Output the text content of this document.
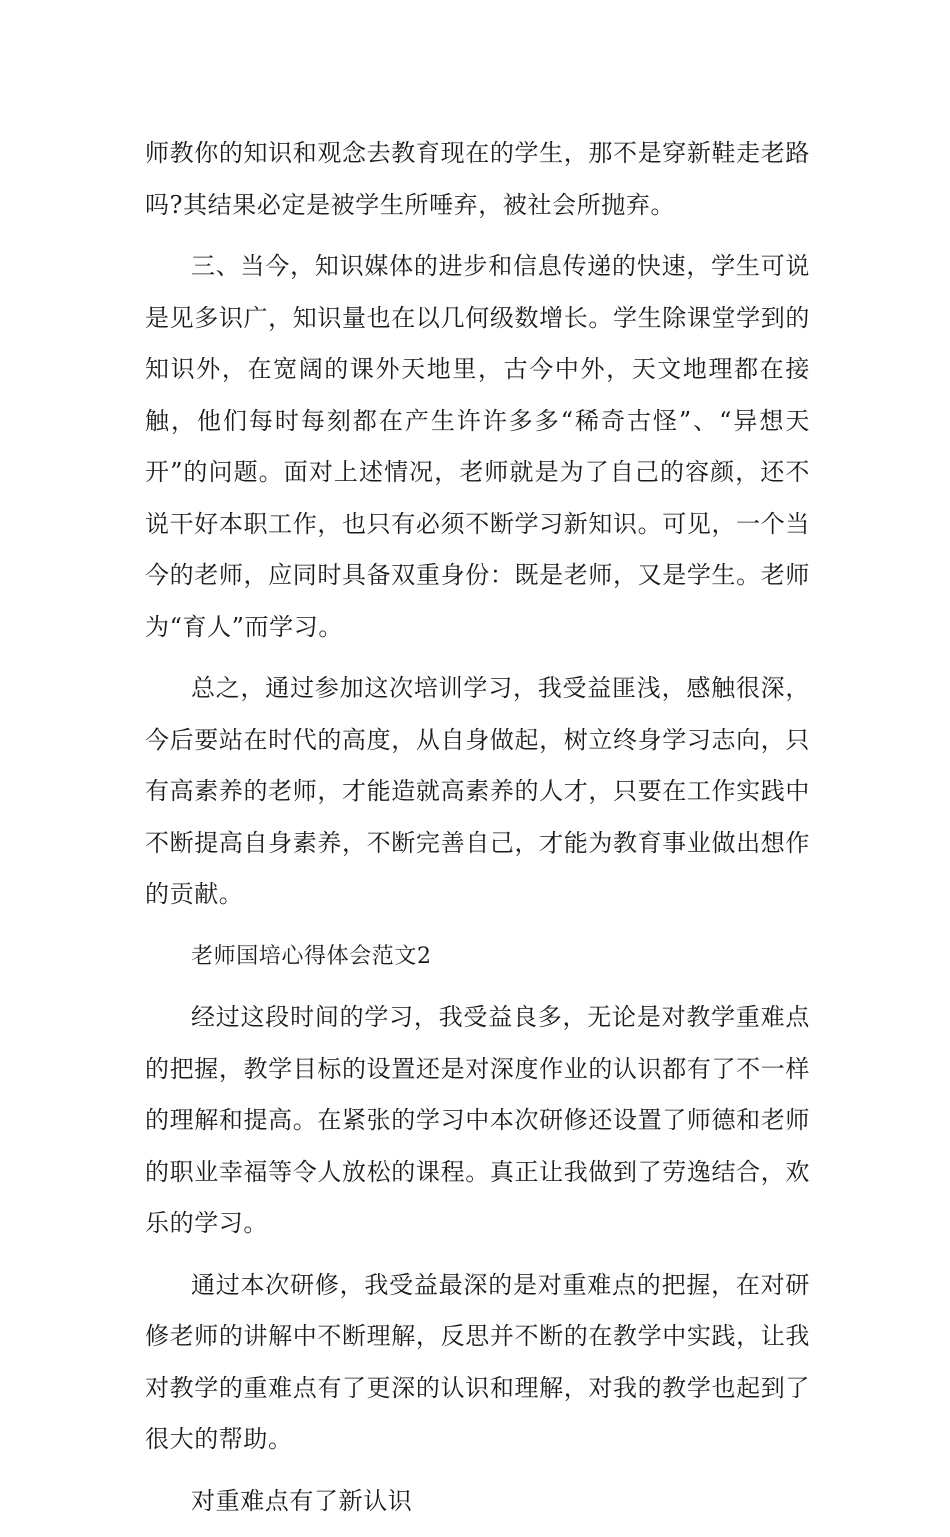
师教你的知识和观念去教育现在的学生，那不是穿新鞋走老路吗?其结果必定是被学生所唾弃，被社会所抛弃。

三、当今，知识媒体的进步和信息传递的快速，学生可说是见多识广，知识量也在以几何级数增长。学生除课堂学到的知识外，在宽阔的课外天地里，古今中外，天文地理都在接触，他们每时每刻都在产生许许多多“稀奇古怪”、“异想天开”的问题。面对上述情况，老师就是为了自己的容颜，还不说干好本职工作，也只有必须不断学习新知识。可见，一个当今的老师，应同时具备双重身份：既是老师，又是学生。老师为“育人”而学习。

总之，通过参加这次培训学习，我受益匪浅，感触很深，今后要站在时代的高度，从自身做起，树立终身学习志向，只有高素养的老师，才能造就高素养的人才，只要在工作实践中不断提高自身素养，不断完善自己，才能为教育事业做出想作的贡献。

老师国培心得体会范文2

经过这段时间的学习，我受益良多，无论是对教学重难点的把握，教学目标的设置还是对深度作业的认识都有了不一样的理解和提高。在紧张的学习中本次研修还设置了师德和老师的职业幸福等令人放松的课程。真正让我做到了劳逸结合，欢乐的学习。

通过本次研修，我受益最深的是对重难点的把握，在对研修老师的讲解中不断理解，反思并不断的在教学中实践，让我对教学的重难点有了更深的认识和理解，对我的教学也起到了很大的帮助。

对重难点有了新认识
